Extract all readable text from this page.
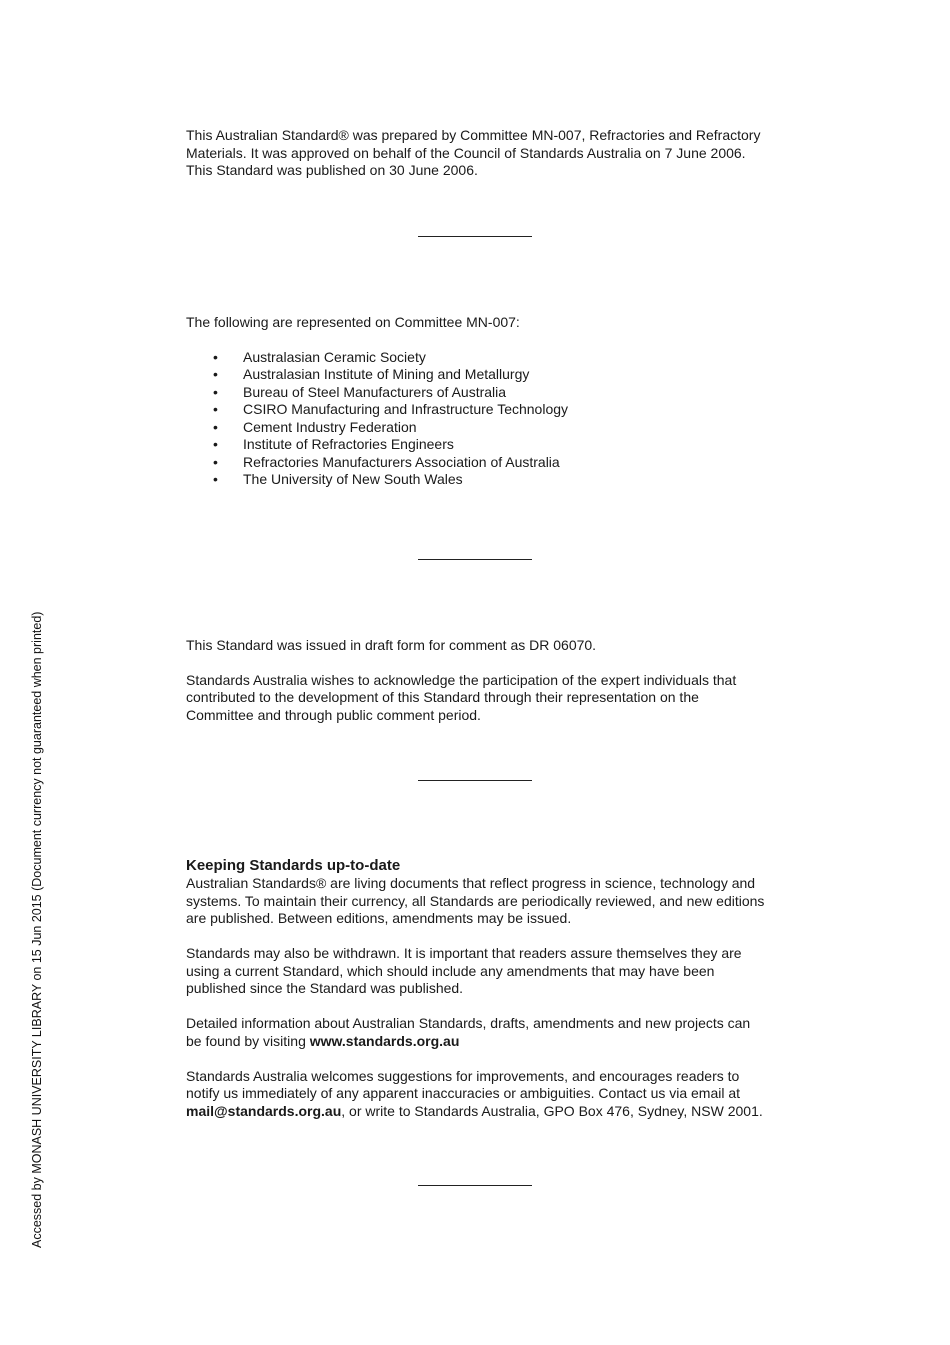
This Australian Standard® was prepared by Committee MN-007, Refractories and Refractory

Materials. It was approved on behalf of the Council of Standards Australia on 7 June 2006.

This Standard was published on 30 June 2006.

The following are represented on Committee MN-007:

• Australasian Ceramic Society
• Australasian Institute of Mining and Metallurgy
• Bureau of Steel Manufacturers of Australia
• CSIRO Manufacturing and Infrastructure Technology
• Cement Industry Federation
• Institute of Refractories Engineers
• Refractories Manufacturers Association of Australia
• The University of New South Wales

This Standard was issued in draft form for comment as DR 06070.

Standards Australia wishes to acknowledge the participation of the expert individuals that

contributed to the development of this Standard through their representation on the

Committee and through public comment period.

Keeping Standards up-to-date

Australian Standards® are living documents that reflect progress in science, technology and

systems. To maintain their currency, all Standards are periodically reviewed, and new editions

are published. Between editions, amendments may be issued.

Standards may also be withdrawn. It is important that readers assure themselves they are

using a current Standard, which should include any amendments that may have been

published since the Standard was published.

Detailed information about Australian Standards, drafts, amendments and new projects can

be found by visiting www.standards.org.au

Standards Australia welcomes suggestions for improvements, and encourages readers to

notify us immediately of any apparent inaccuracies or ambiguities. Contact us via email at

mail@standards.org.au, or write to Standards Australia, GPO Box 476, Sydney, NSW 2001.

Accessed by MONASH UNIVERSITY LIBRARY on 15 Jun 2015 (Document currency not guaranteed when printed)
